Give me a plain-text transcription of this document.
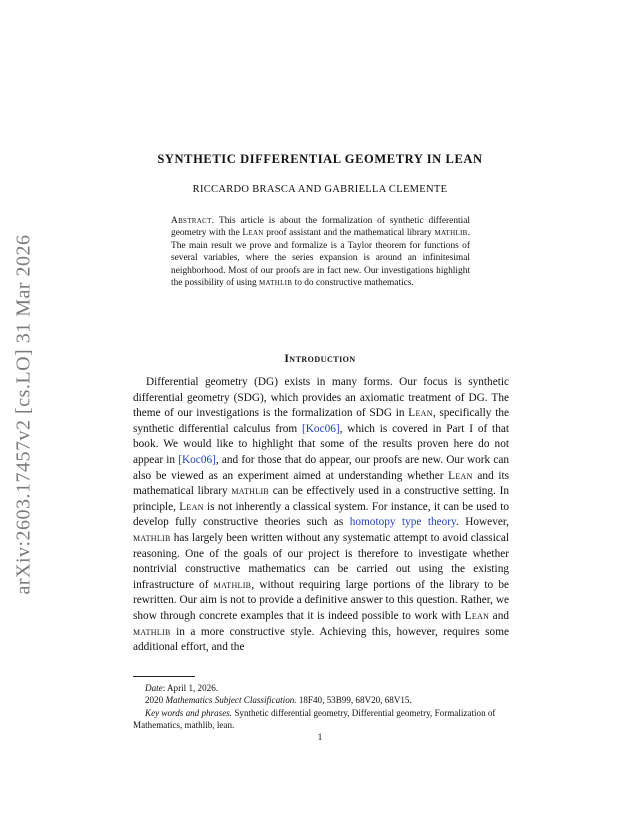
arXiv:2603.17457v2 [cs.LO] 31 Mar 2026
SYNTHETIC DIFFERENTIAL GEOMETRY IN LEAN

RICCARDO BRASCA AND GABRIELLA CLEMENTE

Abstract. This article is about the formalization of synthetic differential geometry with the Lean proof assistant and the mathematical library mathlib. The main result we prove and formalize is a Taylor theorem for functions of several variables, where the series expansion is around an infinitesimal neighborhood. Most of our proofs are in fact new. Our investigations highlight the possibility of using mathlib to do constructive mathematics.

Introduction

Differential geometry (DG) exists in many forms. Our focus is synthetic differential geometry (SDG), which provides an axiomatic treatment of DG. The theme of our investigations is the formalization of SDG in Lean, specifically the synthetic differential calculus from [Koc06], which is covered in Part I of that book. We would like to highlight that some of the results proven here do not appear in [Koc06], and for those that do appear, our proofs are new. Our work can also be viewed as an experiment aimed at understanding whether Lean and its mathematical library mathlib can be effectively used in a constructive setting. In principle, Lean is not inherently a classical system. For instance, it can be used to develop fully constructive theories such as homotopy type theory. However, mathlib has largely been written without any systematic attempt to avoid classical reasoning. One of the goals of our project is therefore to investigate whether nontrivial constructive mathematics can be carried out using the existing infrastructure of mathlib, without requiring large portions of the library to be rewritten. Our aim is not to provide a definitive answer to this question. Rather, we show through concrete examples that it is indeed possible to work with Lean and mathlib in a more constructive style. Achieving this, however, requires some additional effort, and the

Date: April 1, 2026.

2020 Mathematics Subject Classification. 18F40, 53B99, 68V20, 68V15.

Key words and phrases. Synthetic differential geometry, Differential geometry, Formalization of Mathematics, mathlib, lean.

1
